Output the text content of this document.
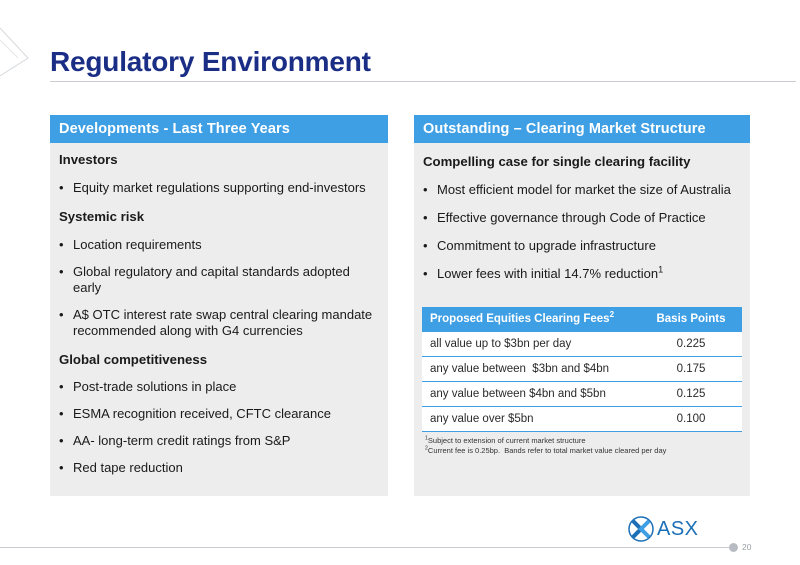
Regulatory Environment
Developments - Last Three Years
Investors
• Equity market regulations supporting end-investors
Systemic risk
• Location requirements
• Global regulatory and capital standards adopted early
• A$ OTC interest rate swap central clearing mandate recommended along with G4 currencies
Global competitiveness
• Post-trade solutions in place
• ESMA recognition received, CFTC clearance
• AA- long-term credit ratings from S&P
• Red tape reduction
Outstanding – Clearing Market Structure
Compelling case for single clearing facility
• Most efficient model for market the size of Australia
• Effective governance through Code of Practice
• Commitment to upgrade infrastructure
• Lower fees with initial 14.7% reduction$^1$
Proposed Equities Clearing Fees$^2$	Basis Points
all value up to $3bn per day	0.225
any value between  $3bn and $4bn	0.175
any value between $4bn and $5bn	0.125
any value over $5bn	0.100
$^1$Subject to extension of current market structure
$^2$Current fee is 0.25bp.  Bands refer to total market value cleared per day
ASX
20
